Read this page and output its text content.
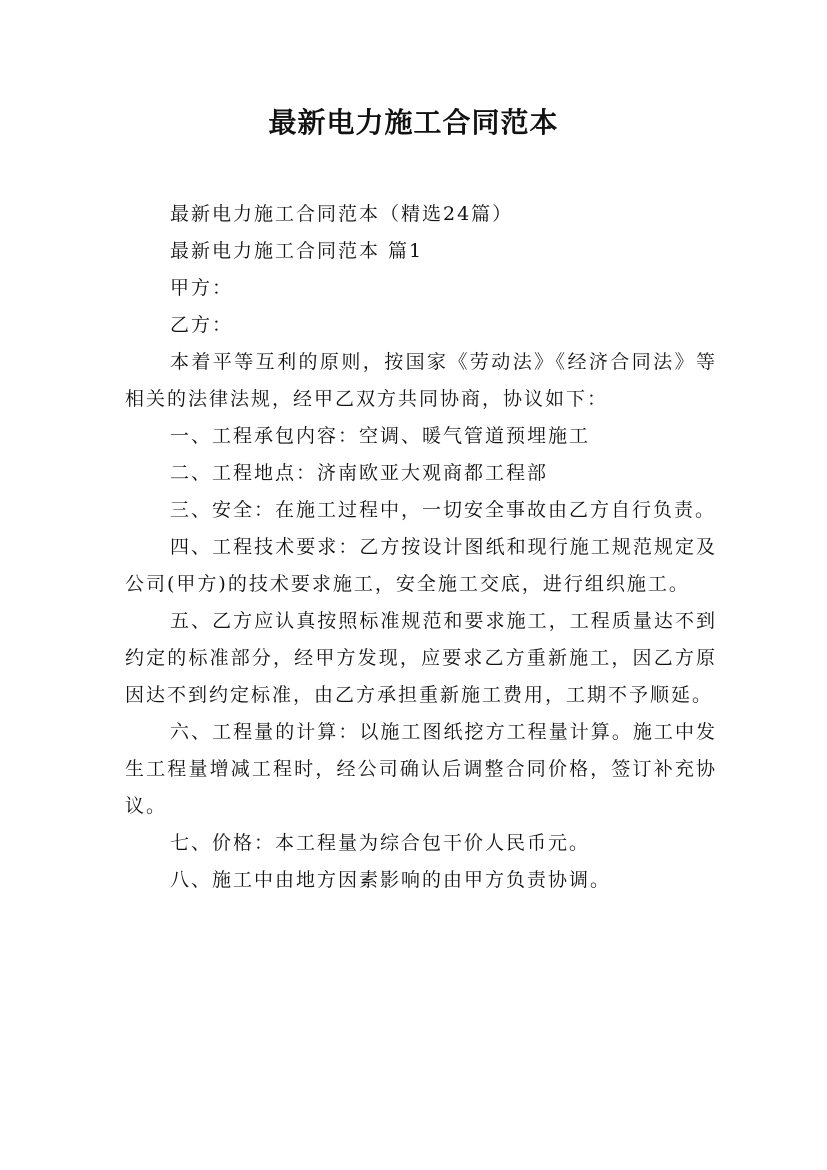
最新电力施工合同范本

最新电力施工合同范本（精选24篇）

最新电力施工合同范本 篇1

甲方：

乙方：

本着平等互利的原则，按国家《劳动法》《经济合同法》等相关的法律法规，经甲乙双方共同协商，协议如下：

一、工程承包内容：空调、暖气管道预埋施工

二、工程地点：济南欧亚大观商都工程部

三、安全：在施工过程中，一切安全事故由乙方自行负责。

四、工程技术要求：乙方按设计图纸和现行施工规范规定及公司(甲方)的技术要求施工，安全施工交底，进行组织施工。

五、乙方应认真按照标准规范和要求施工，工程质量达不到约定的标准部分，经甲方发现，应要求乙方重新施工，因乙方原因达不到约定标准，由乙方承担重新施工费用，工期不予顺延。

六、工程量的计算：以施工图纸挖方工程量计算。施工中发生工程量增减工程时，经公司确认后调整合同价格，签订补充协议。

七、价格：本工程量为综合包干价人民币元。

八、施工中由地方因素影响的由甲方负责协调。
